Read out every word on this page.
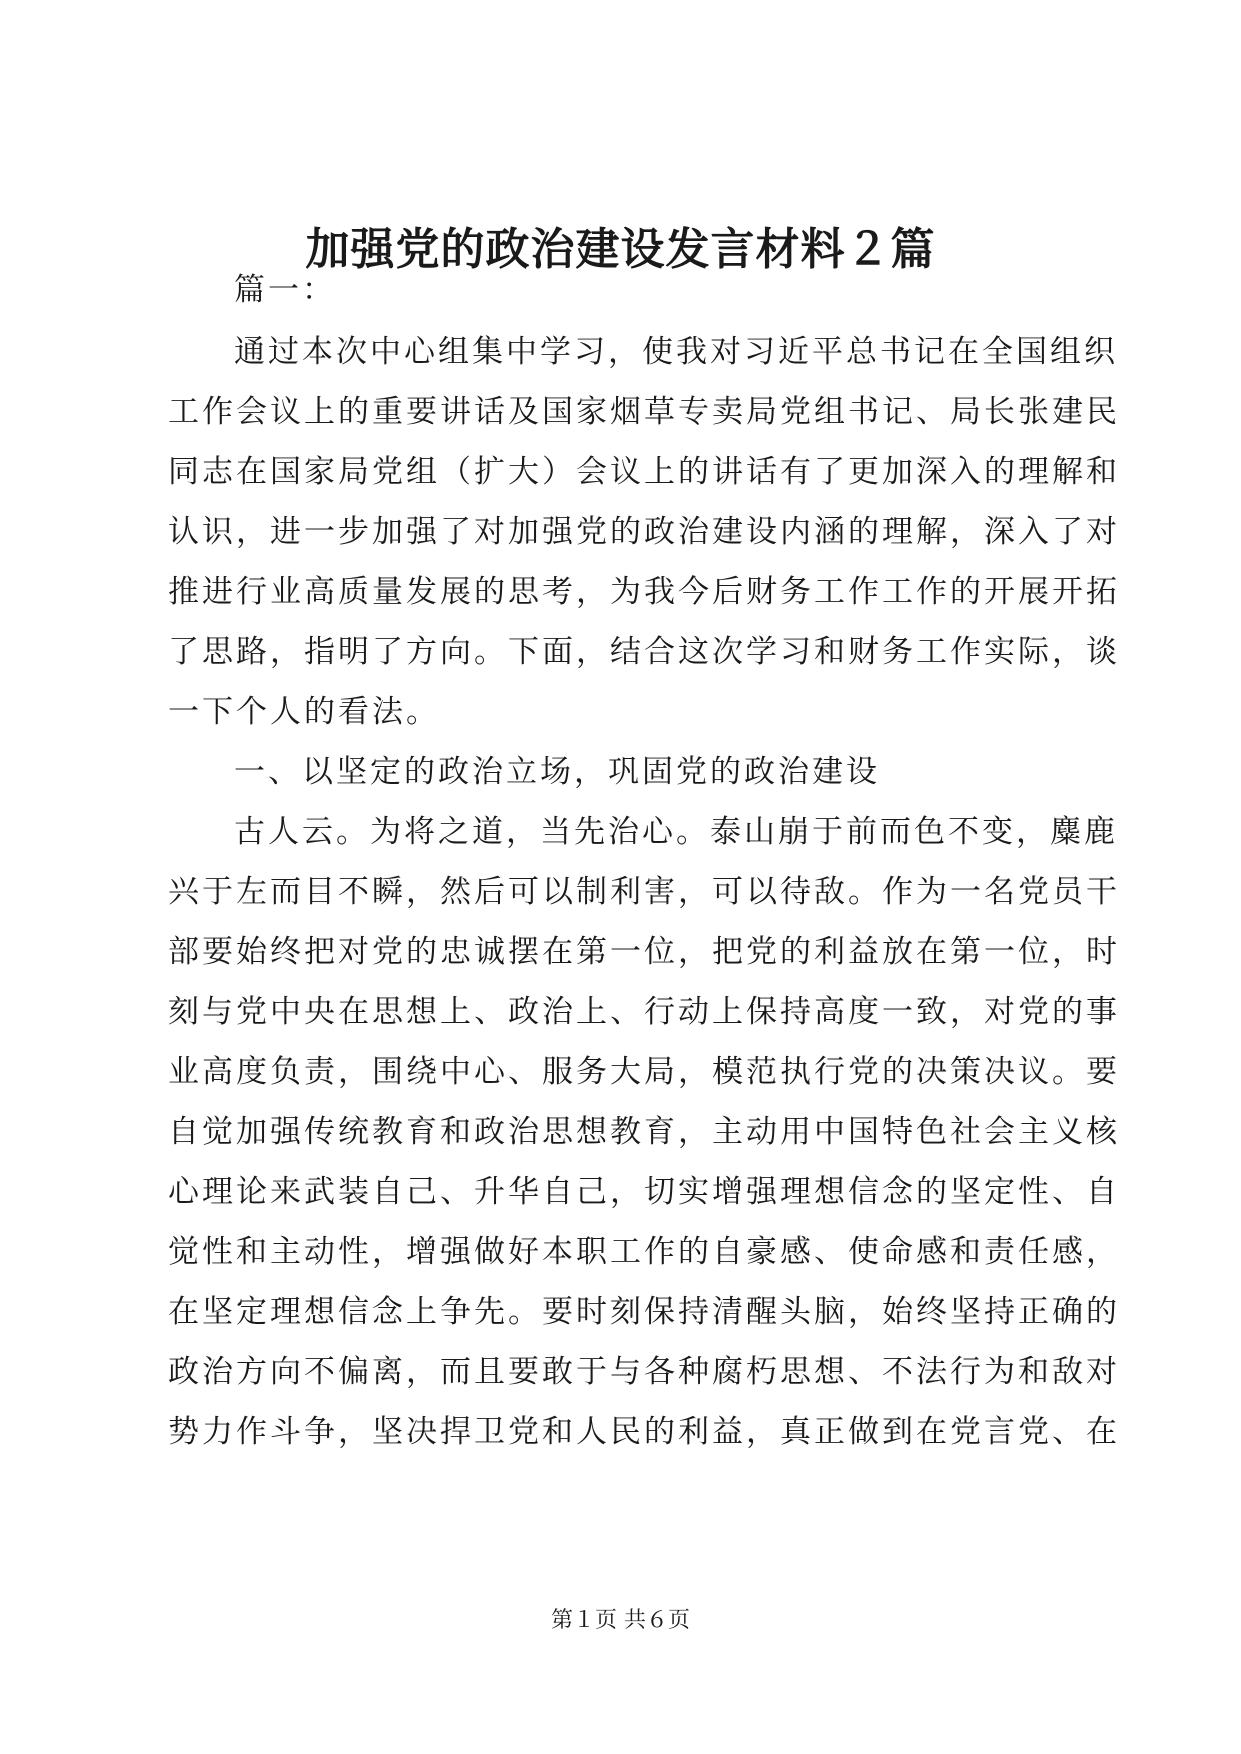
加强党的政治建设发言材料２篇
篇一：
通过本次中心组集中学习，使我对习近平总书记在全国组织
工作会议上的重要讲话及国家烟草专卖局党组书记、局长张建民
同志在国家局党组（扩大）会议上的讲话有了更加深入的理解和
认识，进一步加强了对加强党的政治建设内涵的理解，深入了对
推进行业高质量发展的思考，为我今后财务工作工作的开展开拓
了思路，指明了方向。下面，结合这次学习和财务工作实际，谈
一下个人的看法。
一、以坚定的政治立场，巩固党的政治建设
古人云。为将之道，当先治心。泰山崩于前而色不变，麋鹿
兴于左而目不瞬，然后可以制利害，可以待敌。作为一名党员干
部要始终把对党的忠诚摆在第一位，把党的利益放在第一位，时
刻与党中央在思想上、政治上、行动上保持高度一致，对党的事
业高度负责，围绕中心、服务大局，模范执行党的决策决议。要
自觉加强传统教育和政治思想教育，主动用中国特色社会主义核
心理论来武装自己、升华自己，切实增强理想信念的坚定性、自
觉性和主动性，增强做好本职工作的自豪感、使命感和责任感，
在坚定理想信念上争先。要时刻保持清醒头脑，始终坚持正确的
政治方向不偏离，而且要敢于与各种腐朽思想、不法行为和敌对
势力作斗争，坚决捍卫党和人民的利益，真正做到在党言党、在
第１页 共６页
